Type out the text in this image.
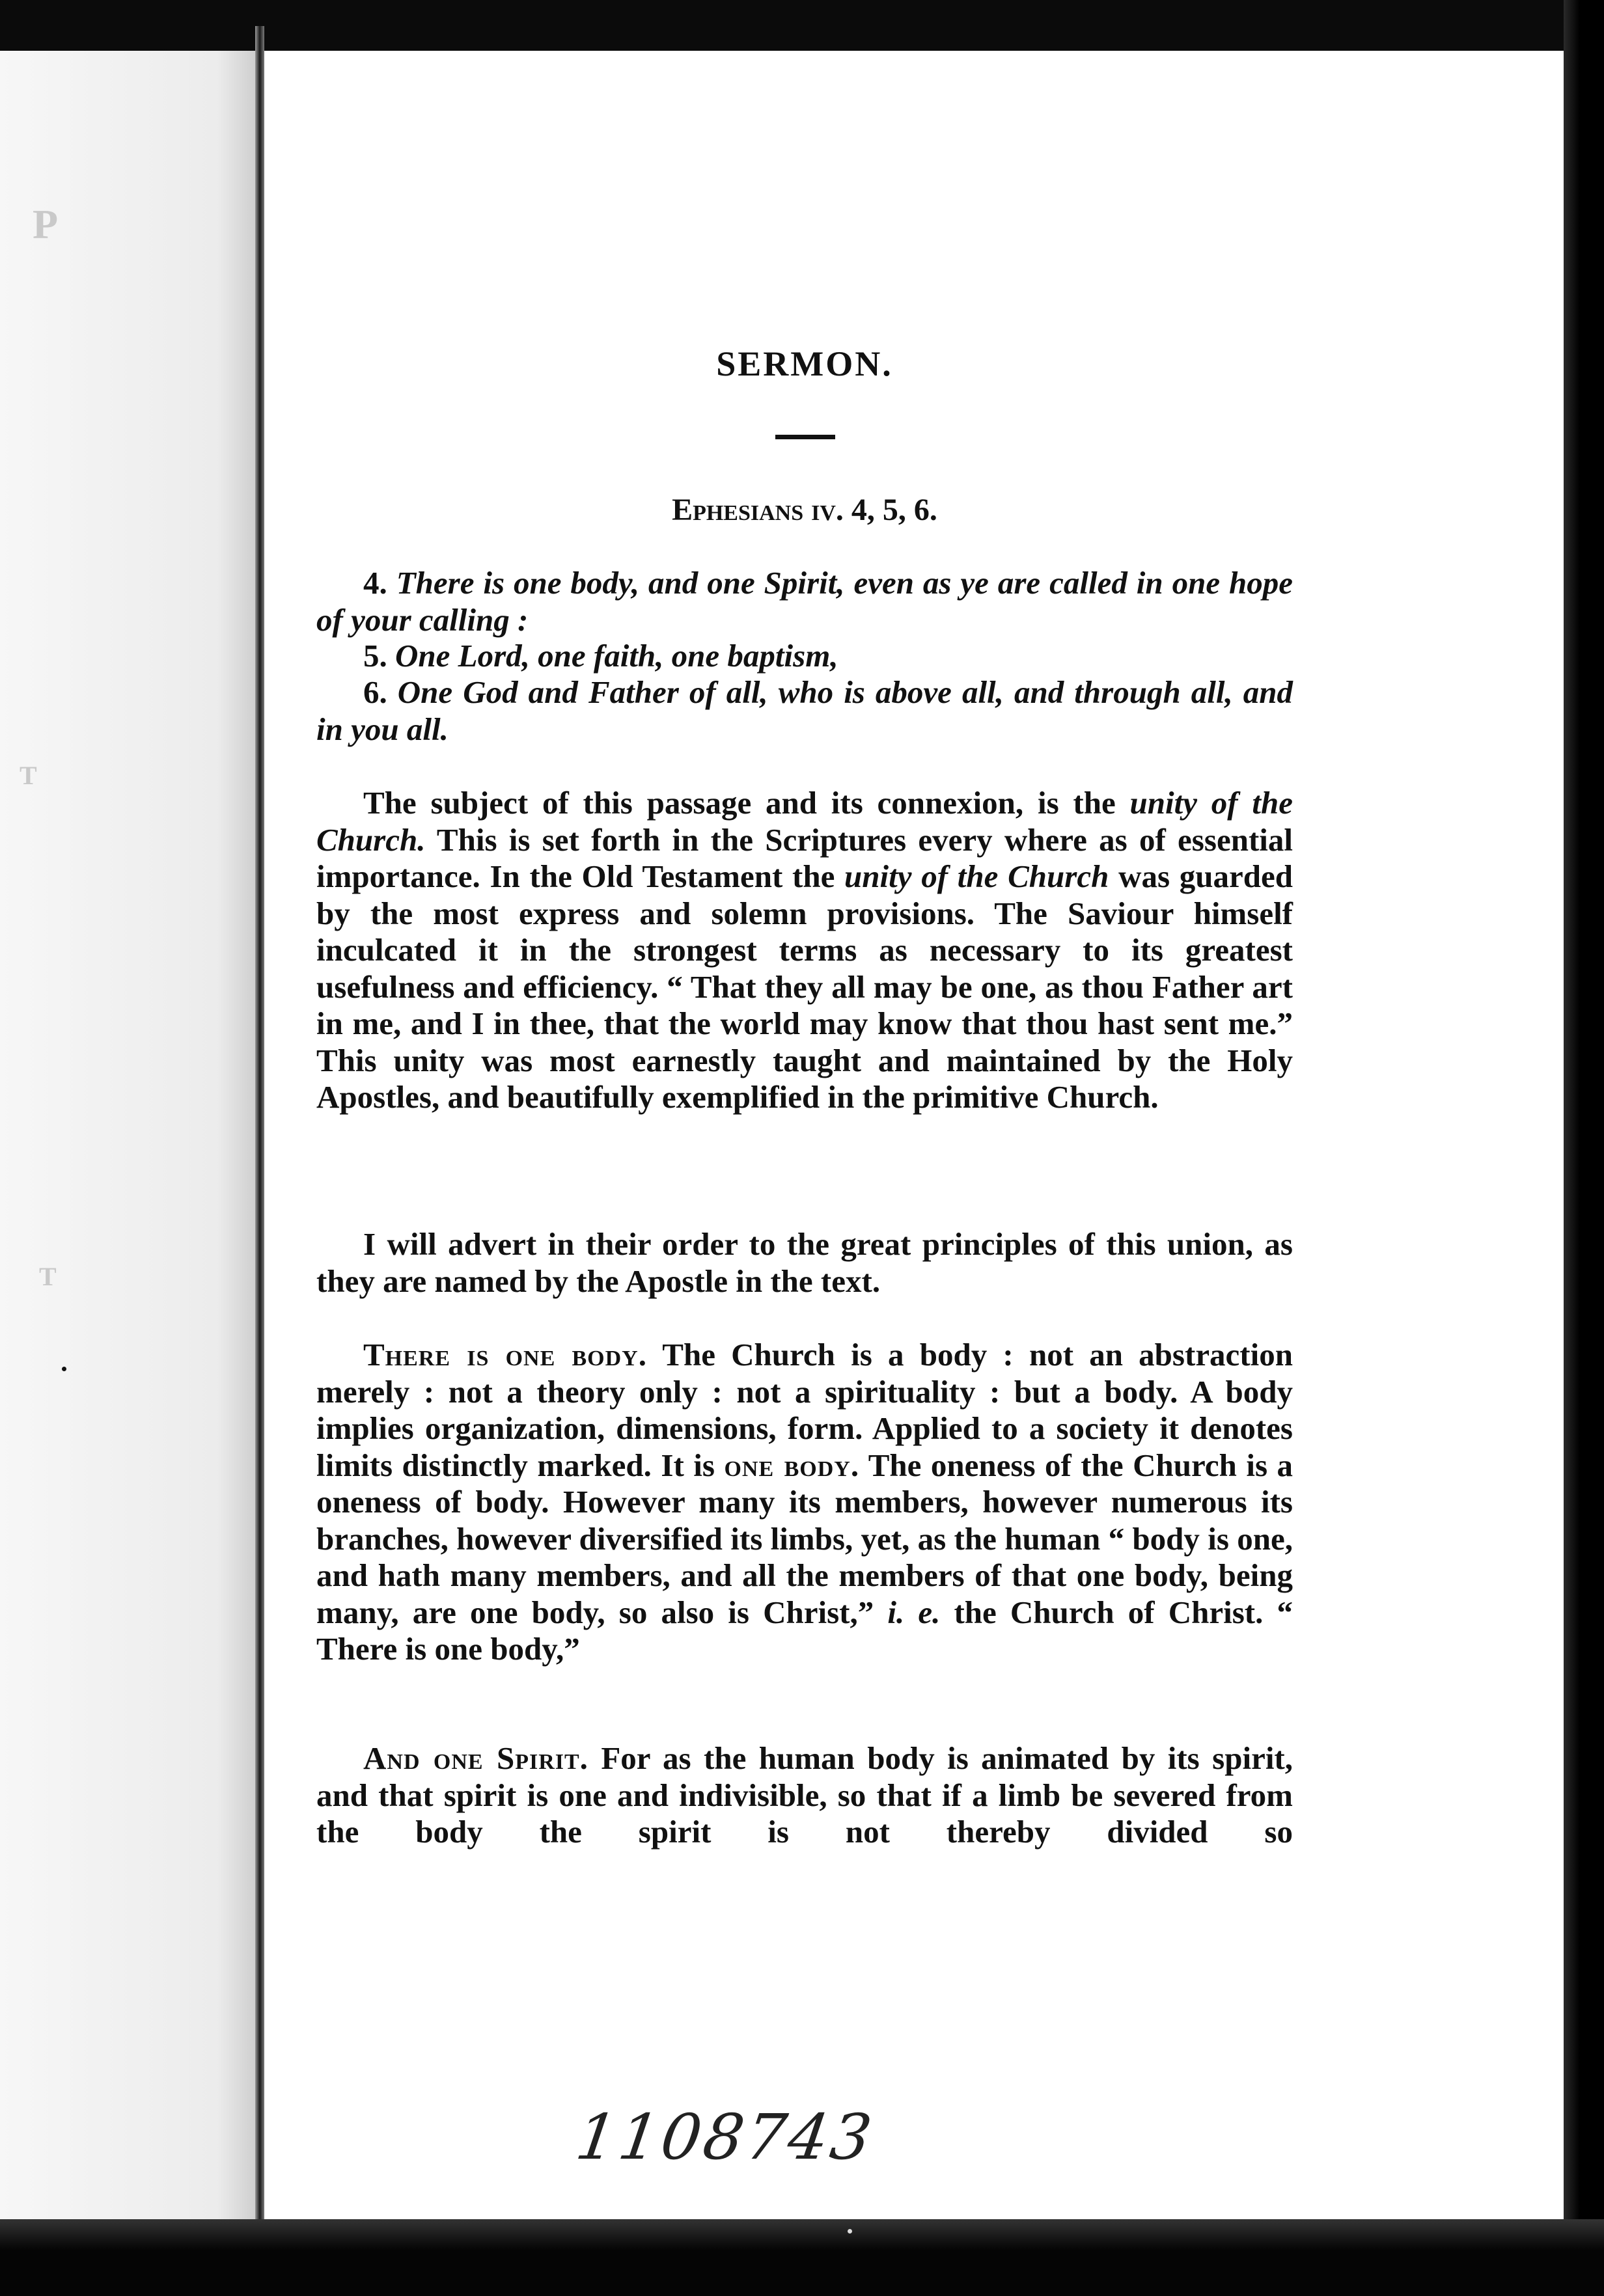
P
T
T
SERMON.
Ephesians iv. 4, 5, 6.

4. There is one body, and one Spirit, even as ye are called in one hope of your calling :

5. One Lord, one faith, one baptism,

6. One God and Father of all, who is above all, and through all, and in you all.

The subject of this passage and its connexion, is the unity of the Church. This is set forth in the Scriptures every where as of essential importance. In the Old Testament the unity of the Church was guarded by the most express and solemn provisions. The Saviour himself inculcated it in the strongest terms as necessary to its greatest usefulness and efficiency. “ That they all may be one, as thou Father art in me, and I in thee, that the world may know that thou hast sent me.” This unity was most earnestly taught and maintained by the Holy Apostles, and beautifully exemplified in the primitive Church.

I will advert in their order to the great principles of this union, as they are named by the Apostle in the text.

There is one body. The Church is a body : not an abstraction merely : not a theory only : not a spirituality : but a body. A body implies organization, dimensions, form. Applied to a society it denotes limits distinctly marked. It is one body. The oneness of the Church is a oneness of body. However many its members, however numerous its branches, however diversified its limbs, yet, as the human “ body is one, and hath many members, and all the members of that one body, being many, are one body, so also is Christ,” i. e. the Church of Christ. “ There is one body,”

And one Spirit. For as the human body is animated by its spirit, and that spirit is one and indivisible, so that if a limb be severed from the body the spirit is not thereby divided so

1108743
